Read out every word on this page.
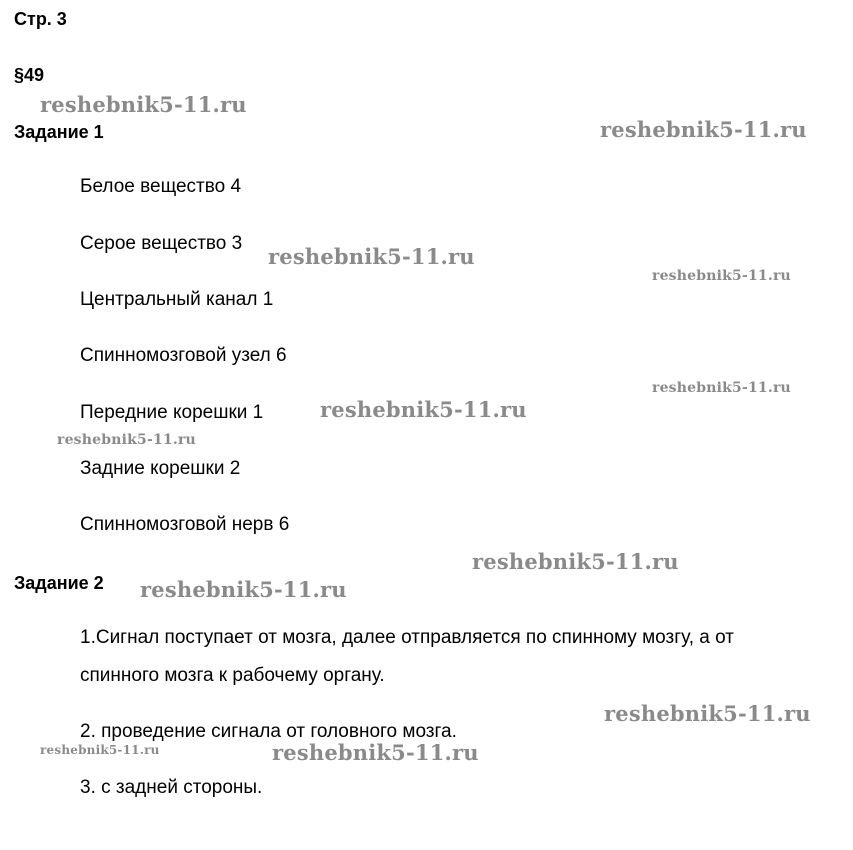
Стр. 3
§49
Задание 1
Белое вещество 4
Серое вещество 3
Центральный канал 1
Спинномозговой узел 6
Передние корешки 1
Задние корешки 2
Спинномозговой нерв 6
Задание 2
1.Сигнал поступает от мозга, далее отправляется по спинному мозгу, а от
спинного мозга к рабочему органу.
2. проведение сигнала от головного мозга.
3. с задней стороны.
reshebnik5-11.ru
reshebnik5-11.ru
reshebnik5-11.ru
reshebnik5-11.ru
reshebnik5-11.ru
reshebnik5-11.ru
reshebnik5-11.ru
reshebnik5-11.ru
reshebnik5-11.ru
reshebnik5-11.ru
reshebnik5-11.ru	reshebnik5-11.ru
